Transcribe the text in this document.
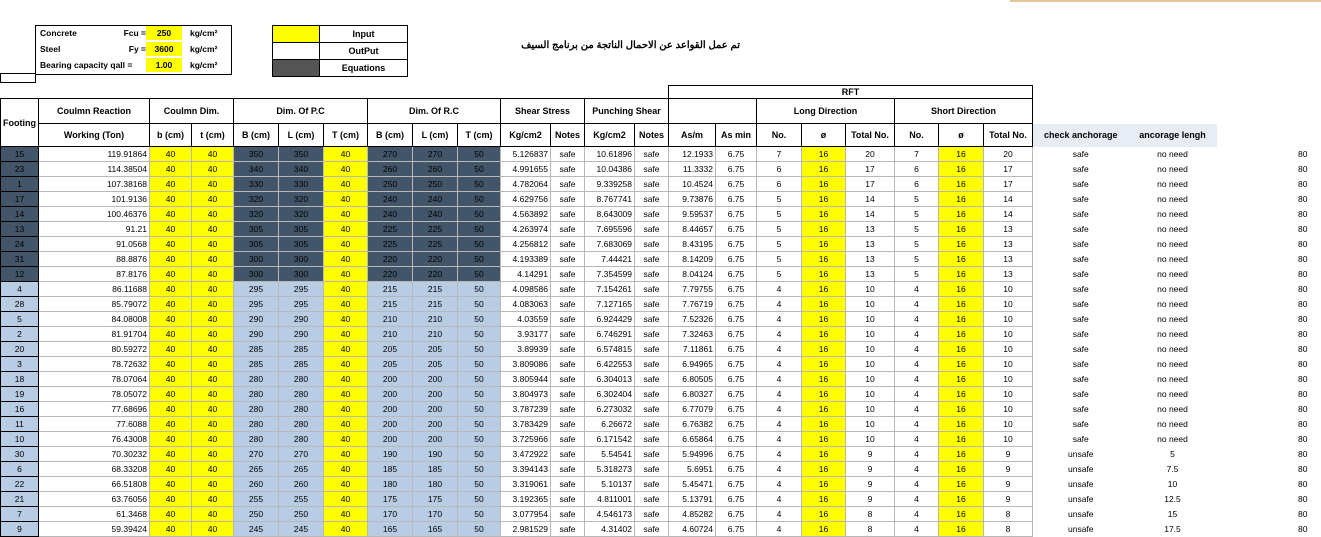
Concrete	Fcu =	250	kg/cm²
Steel	Fy =	3600	kg/cm²
Bearing capacity qall =	1.00	kg/cm²
Input
OutPut
Equations
تم عمل القواعد عن الاحمال الناتجة من برنامج السيف
														RFT										
Footing	Coulmn Reaction	Coulmn Dim.		Dim. Of P.C			Dim. Of R.C			Shear Stress		Punching Shear				Long Direction			Short Direction					
	Working (Ton)	b (cm)	t (cm)	B (cm)	L (cm)	T (cm)	B (cm)	L (cm)	T (cm)	Kg/cm2	Notes	Kg/cm2	Notes	As/m	As min	No.	ø	Total No.	No.	ø	Total No.	check anchorage	ancorage lengh	
15	119.91864	40	40	350	350	40	270	270	50	5.126837	safe	10.61896	safe	12.1933	6.75	7	16	20	7	16	20	safe	no need	80
23	114.38504	40	40	340	340	40	260	260	50	4.991655	safe	10.04386	safe	11.3332	6.75	6	16	17	6	16	17	safe	no need	80
1	107.38168	40	40	330	330	40	250	250	50	4.782064	safe	9.339258	safe	10.4524	6.75	6	16	17	6	16	17	safe	no need	80
17	101.9136	40	40	320	320	40	240	240	50	4.629756	safe	8.767741	safe	9.73876	6.75	5	16	14	5	16	14	safe	no need	80
14	100.46376	40	40	320	320	40	240	240	50	4.563892	safe	8.643009	safe	9.59537	6.75	5	16	14	5	16	14	safe	no need	80
13	91.21	40	40	305	305	40	225	225	50	4.263974	safe	7.695596	safe	8.44657	6.75	5	16	13	5	16	13	safe	no need	80
24	91.0568	40	40	305	305	40	225	225	50	4.256812	safe	7.683069	safe	8.43195	6.75	5	16	13	5	16	13	safe	no need	80
31	88.8876	40	40	300	300	40	220	220	50	4.193389	safe	7.44421	safe	8.14209	6.75	5	16	13	5	16	13	safe	no need	80
12	87.8176	40	40	300	300	40	220	220	50	4.14291	safe	7.354599	safe	8.04124	6.75	5	16	13	5	16	13	safe	no need	80
4	86.11688	40	40	295	295	40	215	215	50	4.098586	safe	7.154261	safe	7.79755	6.75	4	16	10	4	16	10	safe	no need	80
28	85.79072	40	40	295	295	40	215	215	50	4.083063	safe	7.127165	safe	7.76719	6.75	4	16	10	4	16	10	safe	no need	80
5	84.08008	40	40	290	290	40	210	210	50	4.03559	safe	6.924429	safe	7.52326	6.75	4	16	10	4	16	10	safe	no need	80
2	81.91704	40	40	290	290	40	210	210	50	3.93177	safe	6.746291	safe	7.32463	6.75	4	16	10	4	16	10	safe	no need	80
20	80.59272	40	40	285	285	40	205	205	50	3.89939	safe	6.574815	safe	7.11861	6.75	4	16	10	4	16	10	safe	no need	80
3	78.72632	40	40	285	285	40	205	205	50	3.809086	safe	6.422553	safe	6.94965	6.75	4	16	10	4	16	10	safe	no need	80
18	78.07064	40	40	280	280	40	200	200	50	3.805944	safe	6.304013	safe	6.80505	6.75	4	16	10	4	16	10	safe	no need	80
19	78.05072	40	40	280	280	40	200	200	50	3.804973	safe	6.302404	safe	6.80327	6.75	4	16	10	4	16	10	safe	no need	80
16	77.68696	40	40	280	280	40	200	200	50	3.787239	safe	6.273032	safe	6.77079	6.75	4	16	10	4	16	10	safe	no need	80
11	77.6088	40	40	280	280	40	200	200	50	3.783429	safe	6.26672	safe	6.76382	6.75	4	16	10	4	16	10	safe	no need	80
10	76.43008	40	40	280	280	40	200	200	50	3.725966	safe	6.171542	safe	6.65864	6.75	4	16	10	4	16	10	safe	no need	80
30	70.30232	40	40	270	270	40	190	190	50	3.472922	safe	5.54541	safe	5.94996	6.75	4	16	9	4	16	9	unsafe	5	80
6	68.33208	40	40	265	265	40	185	185	50	3.394143	safe	5.318273	safe	5.6951	6.75	4	16	9	4	16	9	unsafe	7.5	80
22	66.51808	40	40	260	260	40	180	180	50	3.319061	safe	5.10137	safe	5.45471	6.75	4	16	9	4	16	9	unsafe	10	80
21	63.76056	40	40	255	255	40	175	175	50	3.192365	safe	4.811001	safe	5.13791	6.75	4	16	9	4	16	9	unsafe	12.5	80
7	61.3468	40	40	250	250	40	170	170	50	3.077954	safe	4.546173	safe	4.85282	6.75	4	16	8	4	16	8	unsafe	15	80
9	59.39424	40	40	245	245	40	165	165	50	2.981529	safe	4.31402	safe	4.60724	6.75	4	16	8	4	16	8	unsafe	17.5	80
